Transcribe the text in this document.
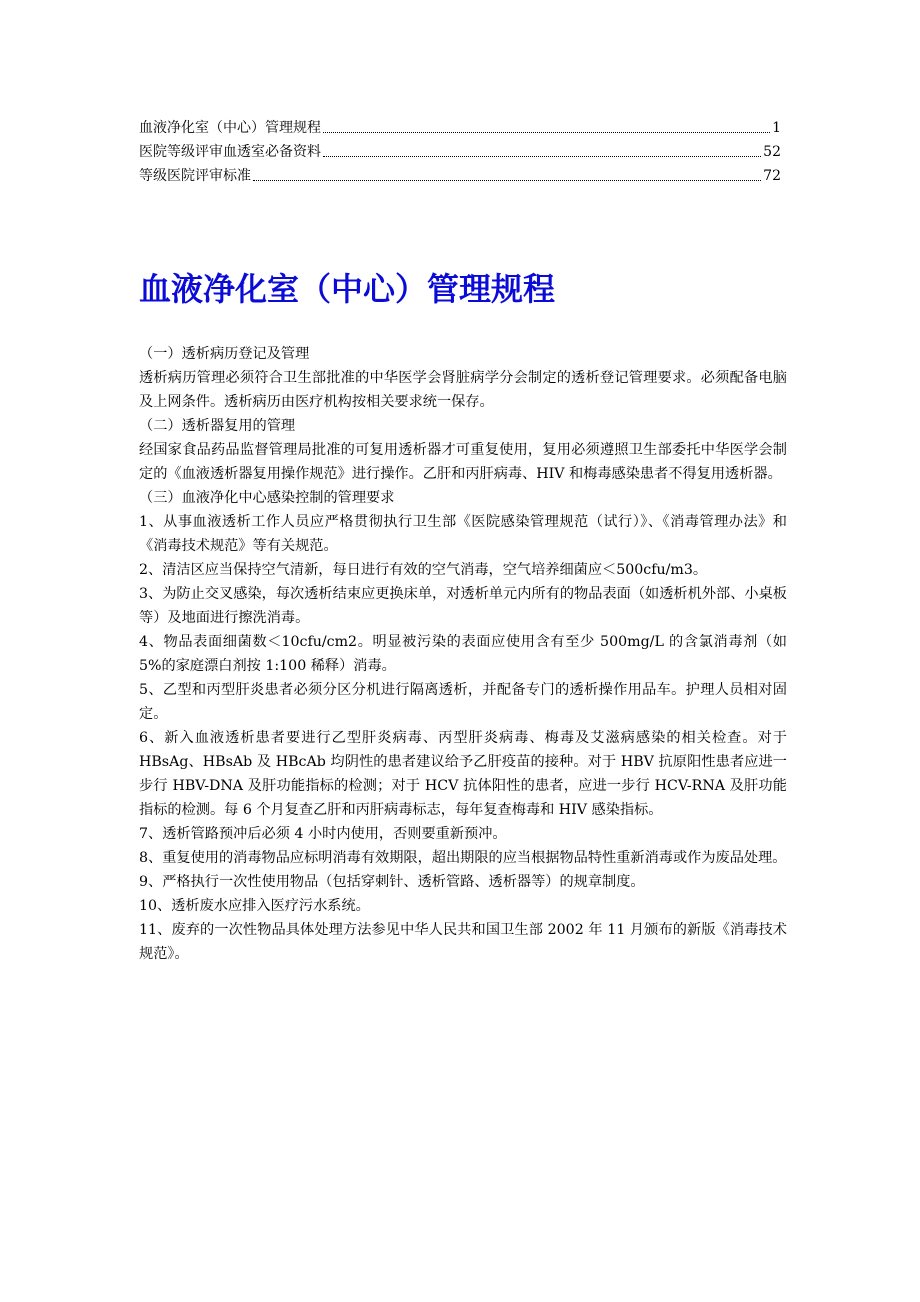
血液净化室（中心）管理规程	1
医院等级评审血透室必备资料	52
等级医院评审标准	72
血液净化室（中心）管理规程

（一）透析病历登记及管理

透析病历管理必须符合卫生部批准的中华医学会肾脏病学分会制定的透析登记管理要求。必须配备电脑及上网条件。透析病历由医疗机构按相关要求统一保存。

（二）透析器复用的管理

经国家食品药品监督管理局批准的可复用透析器才可重复使用，复用必须遵照卫生部委托中华医学会制定的《血液透析器复用操作规范》进行操作。乙肝和丙肝病毒、HIV 和梅毒感染患者不得复用透析器。

（三）血液净化中心感染控制的管理要求

1、从事血液透析工作人员应严格贯彻执行卫生部《医院感染管理规范（试行）》、《消毒管理办法》和《消毒技术规范》等有关规范。

2、清洁区应当保持空气清新，每日进行有效的空气消毒，空气培养细菌应＜500cfu/m3。

3、为防止交叉感染，每次透析结束应更换床单，对透析单元内所有的物品表面（如透析机外部、小桌板等）及地面进行擦洗消毒。

4、物品表面细菌数＜10cfu/cm2。明显被污染的表面应使用含有至少 500mg/L 的含氯消毒剂（如 5%的家庭漂白剂按 1:100 稀释）消毒。

5、乙型和丙型肝炎患者必须分区分机进行隔离透析，并配备专门的透析操作用品车。护理人员相对固定。

6、新入血液透析患者要进行乙型肝炎病毒、丙型肝炎病毒、梅毒及艾滋病感染的相关检查。对于 HBsAg、HBsAb 及 HBcAb 均阴性的患者建议给予乙肝疫苗的接种。对于 HBV 抗原阳性患者应进一步行 HBV-DNA 及肝功能指标的检测；对于 HCV 抗体阳性的患者，应进一步行 HCV-RNA 及肝功能指标的检测。每 6 个月复查乙肝和丙肝病毒标志，每年复查梅毒和 HIV 感染指标。

7、透析管路预冲后必须 4 小时内使用，否则要重新预冲。

8、重复使用的消毒物品应标明消毒有效期限，超出期限的应当根据物品特性重新消毒或作为废品处理。

9、严格执行一次性使用物品（包括穿刺针、透析管路、透析器等）的规章制度。

10、透析废水应排入医疗污水系统。

11、废弃的一次性物品具体处理方法参见中华人民共和国卫生部 2002 年 11 月颁布的新版《消毒技术规范》。
